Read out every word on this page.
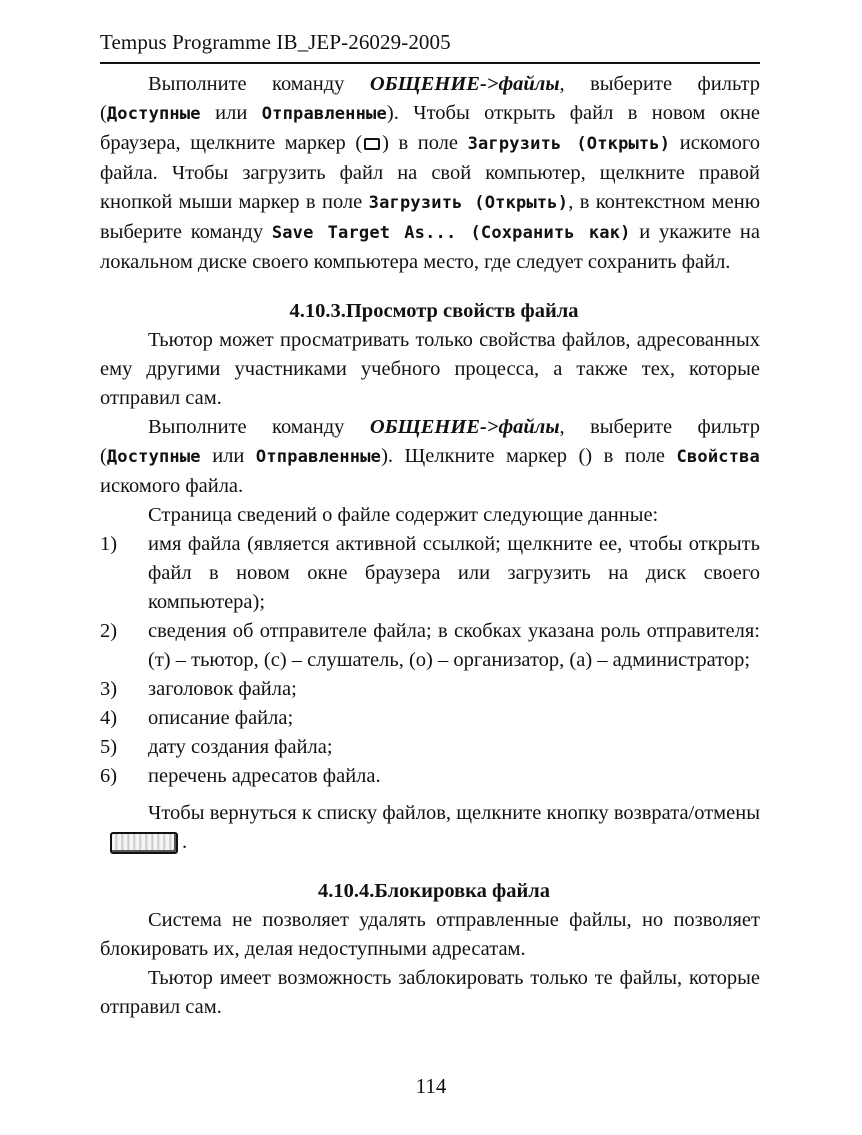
Tempus Programme IB_JEP-26029-2005

Выполните команду ОБЩЕНИЕ->файлы, выберите фильтр (Доступные или Отправленные). Чтобы открыть файл в новом окне браузера, щелкните маркер ( ) в поле Загрузить (Открыть) искомого файла. Чтобы загрузить файл на свой компьютер, щелкните правой кнопкой мыши маркер в поле Загрузить (Открыть), в контекстном меню выберите команду Save Target As... (Сохранить как) и укажите на локальном диске своего компьютера место, где следует сохранить файл.

4.10.3.Просмотр свойств файла

Тьютор может просматривать только свойства файлов, адресованных ему другими участниками учебного процесса, а также тех, которые отправил сам.

Выполните команду ОБЩЕНИЕ->файлы, выберите фильтр (Доступные или Отправленные). Щелкните маркер () в поле Свойства искомого файла.

Страница сведений о файле содержит следующие данные:

1)	имя файла (является активной ссылкой; щелкните ее, чтобы открыть файл в новом окне браузера или загрузить на диск своего компьютера);
2)	сведения об отправителе файла; в скобках указана роль отправителя: (т) – тьютор, (с) – слушатель, (о) – организатор, (а) – администратор;
3)	заголовок файла;
4)	описание файла;
5)	дату создания файла;
6)	перечень адресатов файла.

Чтобы вернуться к списку файлов, щелкните кнопку возврата/отмены.

4.10.4.Блокировка файла

Система не позволяет удалять отправленные файлы, но позволяет блокировать их, делая недоступными адресатам.

Тьютор имеет возможность заблокировать только те файлы, которые отправил сам.

114
